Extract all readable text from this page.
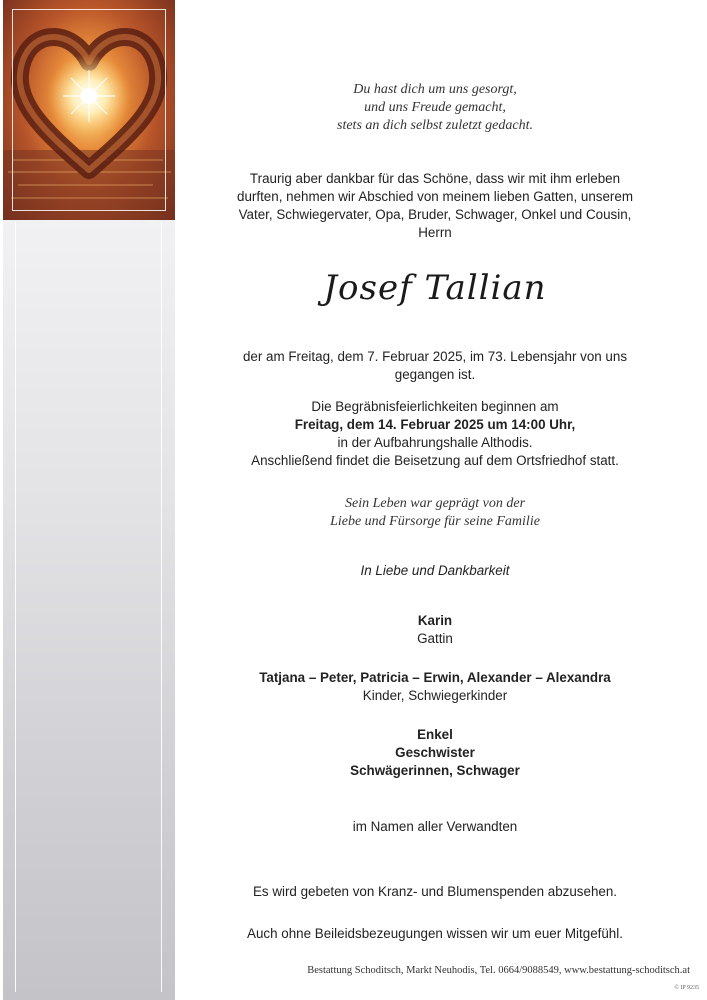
Du hast dich um uns gesorgt,
und uns Freude gemacht,
stets an dich selbst zuletzt gedacht.
Traurig aber dankbar für das Schöne, dass wir mit ihm erleben
durften, nehmen wir Abschied von meinem lieben Gatten, unserem
Vater, Schwiegervater, Opa, Bruder, Schwager, Onkel und Cousin,
Herrn
Josef Tallian
der am Freitag, dem 7. Februar 2025, im 73. Lebensjahr von uns
gegangen ist.
Die Begräbnisfeierlichkeiten beginnen am
Freitag, dem 14. Februar 2025 um 14:00 Uhr,
in der Aufbahrungshalle Althodis.
Anschließend findet die Beisetzung auf dem Ortsfriedhof statt.
Sein Leben war geprägt von der
Liebe und Fürsorge für seine Familie
In Liebe und Dankbarkeit
Karin
Gattin
Tatjana – Peter, Patricia – Erwin, Alexander – Alexandra
Kinder, Schwiegerkinder
Enkel
Geschwister
Schwägerinnen, Schwager
im Namen aller Verwandten
Es wird gebeten von Kranz- und Blumenspenden abzusehen.
Auch ohne Beileidsbezeugungen wissen wir um euer Mitgefühl.
Bestattung Schoditsch, Markt Neuhodis, Tel. 0664/9088549, www.bestattung-schoditsch.at
© IP 9235
